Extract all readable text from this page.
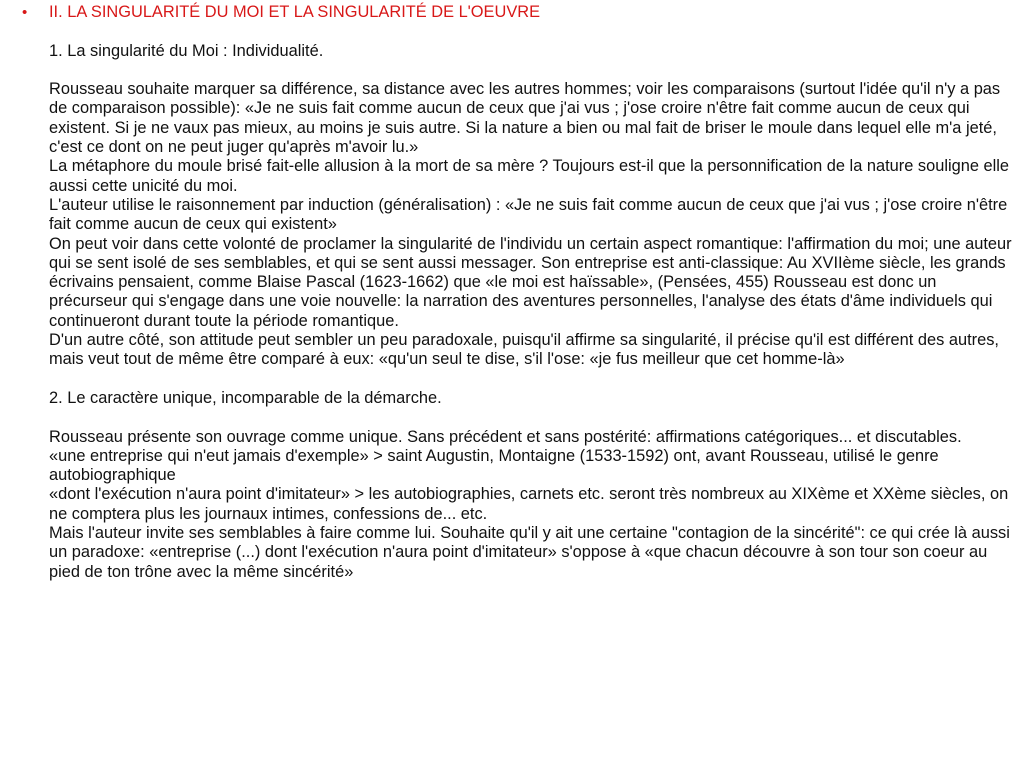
•	II. LA SINGULARITÉ DU MOI ET LA SINGULARITÉ DE L'OEUVRE

1. La singularité du Moi : Individualité.

Rousseau souhaite marquer sa différence, sa distance avec les autres hommes; voir les comparaisons (surtout l'idée qu'il n'y a pas de comparaison possible): «Je ne suis fait comme aucun de ceux que j'ai vus ; j'ose croire n'être fait comme aucun de ceux qui existent. Si je ne vaux pas mieux, au moins je suis autre. Si la nature a bien ou mal fait de briser le moule dans lequel elle m'a jeté, c'est ce dont on ne peut juger qu'après m'avoir lu.»

La métaphore du moule brisé fait-elle allusion à la mort de sa mère ? Toujours est-il que la personnification de la nature souligne elle aussi cette unicité du moi.

L'auteur utilise le raisonnement par induction (généralisation) : «Je ne suis fait comme aucun de ceux que j'ai vus ; j'ose croire n'être fait comme aucun de ceux qui existent»

On peut voir dans cette volonté de proclamer la singularité de l'individu un certain aspect romantique: l'affirmation du moi; une auteur qui se sent isolé de ses semblables, et qui se sent aussi messager. Son entreprise est anti-classique: Au XVIIème siècle, les grands écrivains pensaient, comme Blaise Pascal (1623-1662) que «le moi est haïssable», (Pensées, 455) Rousseau est donc un précurseur qui s'engage dans une voie nouvelle: la narration des aventures personnelles, l'analyse des états d'âme individuels qui continueront durant toute la période romantique.

D'un autre côté, son attitude peut sembler un peu paradoxale, puisqu'il affirme sa singularité, il précise qu'il est différent des autres, mais veut tout de même être comparé à eux: «qu'un seul te dise, s'il l'ose: «je fus meilleur que cet homme-là»

2. Le caractère unique, incomparable de la démarche.

Rousseau présente son ouvrage comme unique. Sans précédent et sans postérité: affirmations catégoriques... et discutables.

«une entreprise qui n'eut jamais d'exemple» > saint Augustin, Montaigne (1533-1592) ont, avant Rousseau, utilisé le genre autobiographique

«dont l'exécution n'aura point d'imitateur» > les autobiographies, carnets etc. seront très nombreux au XIXème et XXème siècles, on ne comptera plus les journaux intimes, confessions de... etc.

Mais l'auteur invite ses semblables à faire comme lui. Souhaite qu'il y ait une certaine "contagion de la sincérité": ce qui crée là aussi un paradoxe: «entreprise (...) dont l'exécution n'aura point d'imitateur» s'oppose à «que chacun découvre à son tour son coeur au pied de ton trône avec la même sincérité»
